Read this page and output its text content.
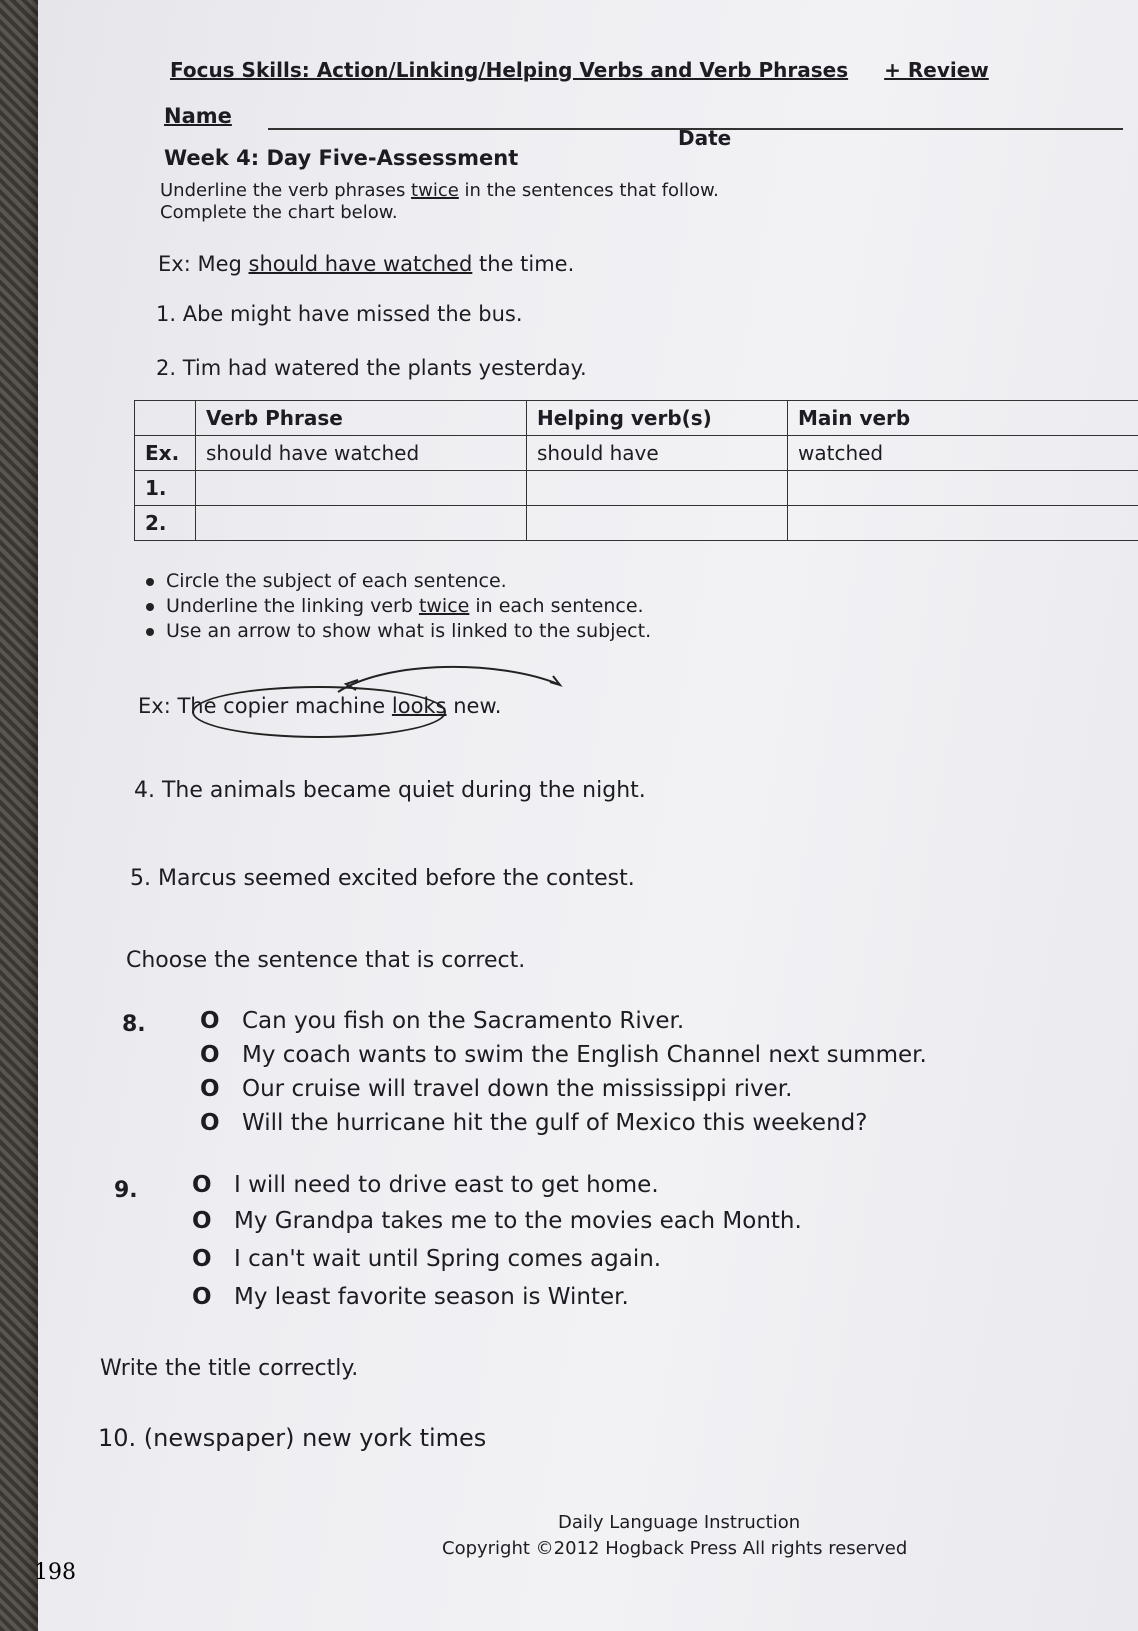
Focus Skills: Action/Linking/Helping Verbs and Verb Phrases + Review
Name
Date
Week 4: Day Five-Assessment
Underline the verb phrases twice in the sentences that follow.
Complete the chart below.
Ex: Meg should have watched the time.
1. Abe might have missed the bus.
2. Tim had watered the plants yesterday.
	Verb Phrase	Helping verb(s)	Main verb
Ex.	should have watched	should have	watched
1.			
2.			
Circle the subject of each sentence.
Underline the linking verb twice in each sentence.
Use an arrow to show what is linked to the subject.
Ex: The copier machine looks new.
4. The animals became quiet during the night.
5. Marcus seemed excited before the contest.
Choose the sentence that is correct.
8. O Can you fish on the Sacramento River.
O My coach wants to swim the English Channel next summer.
O Our cruise will travel down the mississippi river.
O Will the hurricane hit the gulf of Mexico this weekend?
9. O I will need to drive east to get home.
O My Grandpa takes me to the movies each Month.
O I can't wait until Spring comes again.
O My least favorite season is Winter.
Write the title correctly.
10. (newspaper) new york times
Daily Language Instruction
Copyright ©2012 Hogback Press All rights reserved
198
